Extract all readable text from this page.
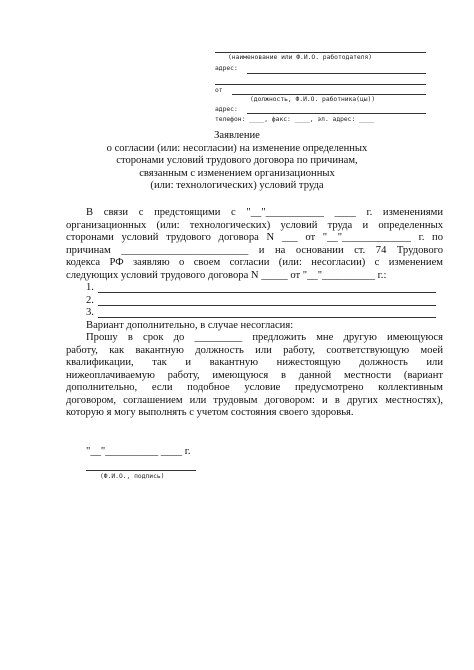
(наименование или Ф.И.О. работодателя)
адрес:
от
(должность, Ф.И.О. работника(цы))
адрес:
телефон: ____, факс: ____, эл. адрес: ____
Заявление
о согласии (или: несогласии) на изменение определенных
сторонами условий трудового договора по причинам,
связанным с изменением организационных
(или: технологических) условий труда
В связи с предстоящими с "__"___________ ____ г. изменениями
организационных (или: технологических) условий труда и определенных
сторонами условий трудового договора N ___ от "__"_____________ г. по
причинам ________________________ и на основании ст. 74 Трудового
кодекса РФ заявляю о своем согласии (или: несогласии) с изменением
следующих условий трудового договора N _____ от "__"__________ г.:
1.
2.
3.
Вариант дополнительно, в случае несогласия:
Прошу в срок до _________ предложить мне другую имеющуюся
работу, как вакантную должность или работу, соответствующую моей
квалификации, так и вакантную нижестоящую должность или
нижеоплачиваемую работу, имеющуюся в данной местности (вариант
дополнительно, если подобное условие предусмотрено коллективным
договором, соглашением или трудовым договором: и в других местностях),
которую я могу выполнять с учетом состояния своего здоровья.
"__"__________ ____ г.
(Ф.И.О., подпись)
